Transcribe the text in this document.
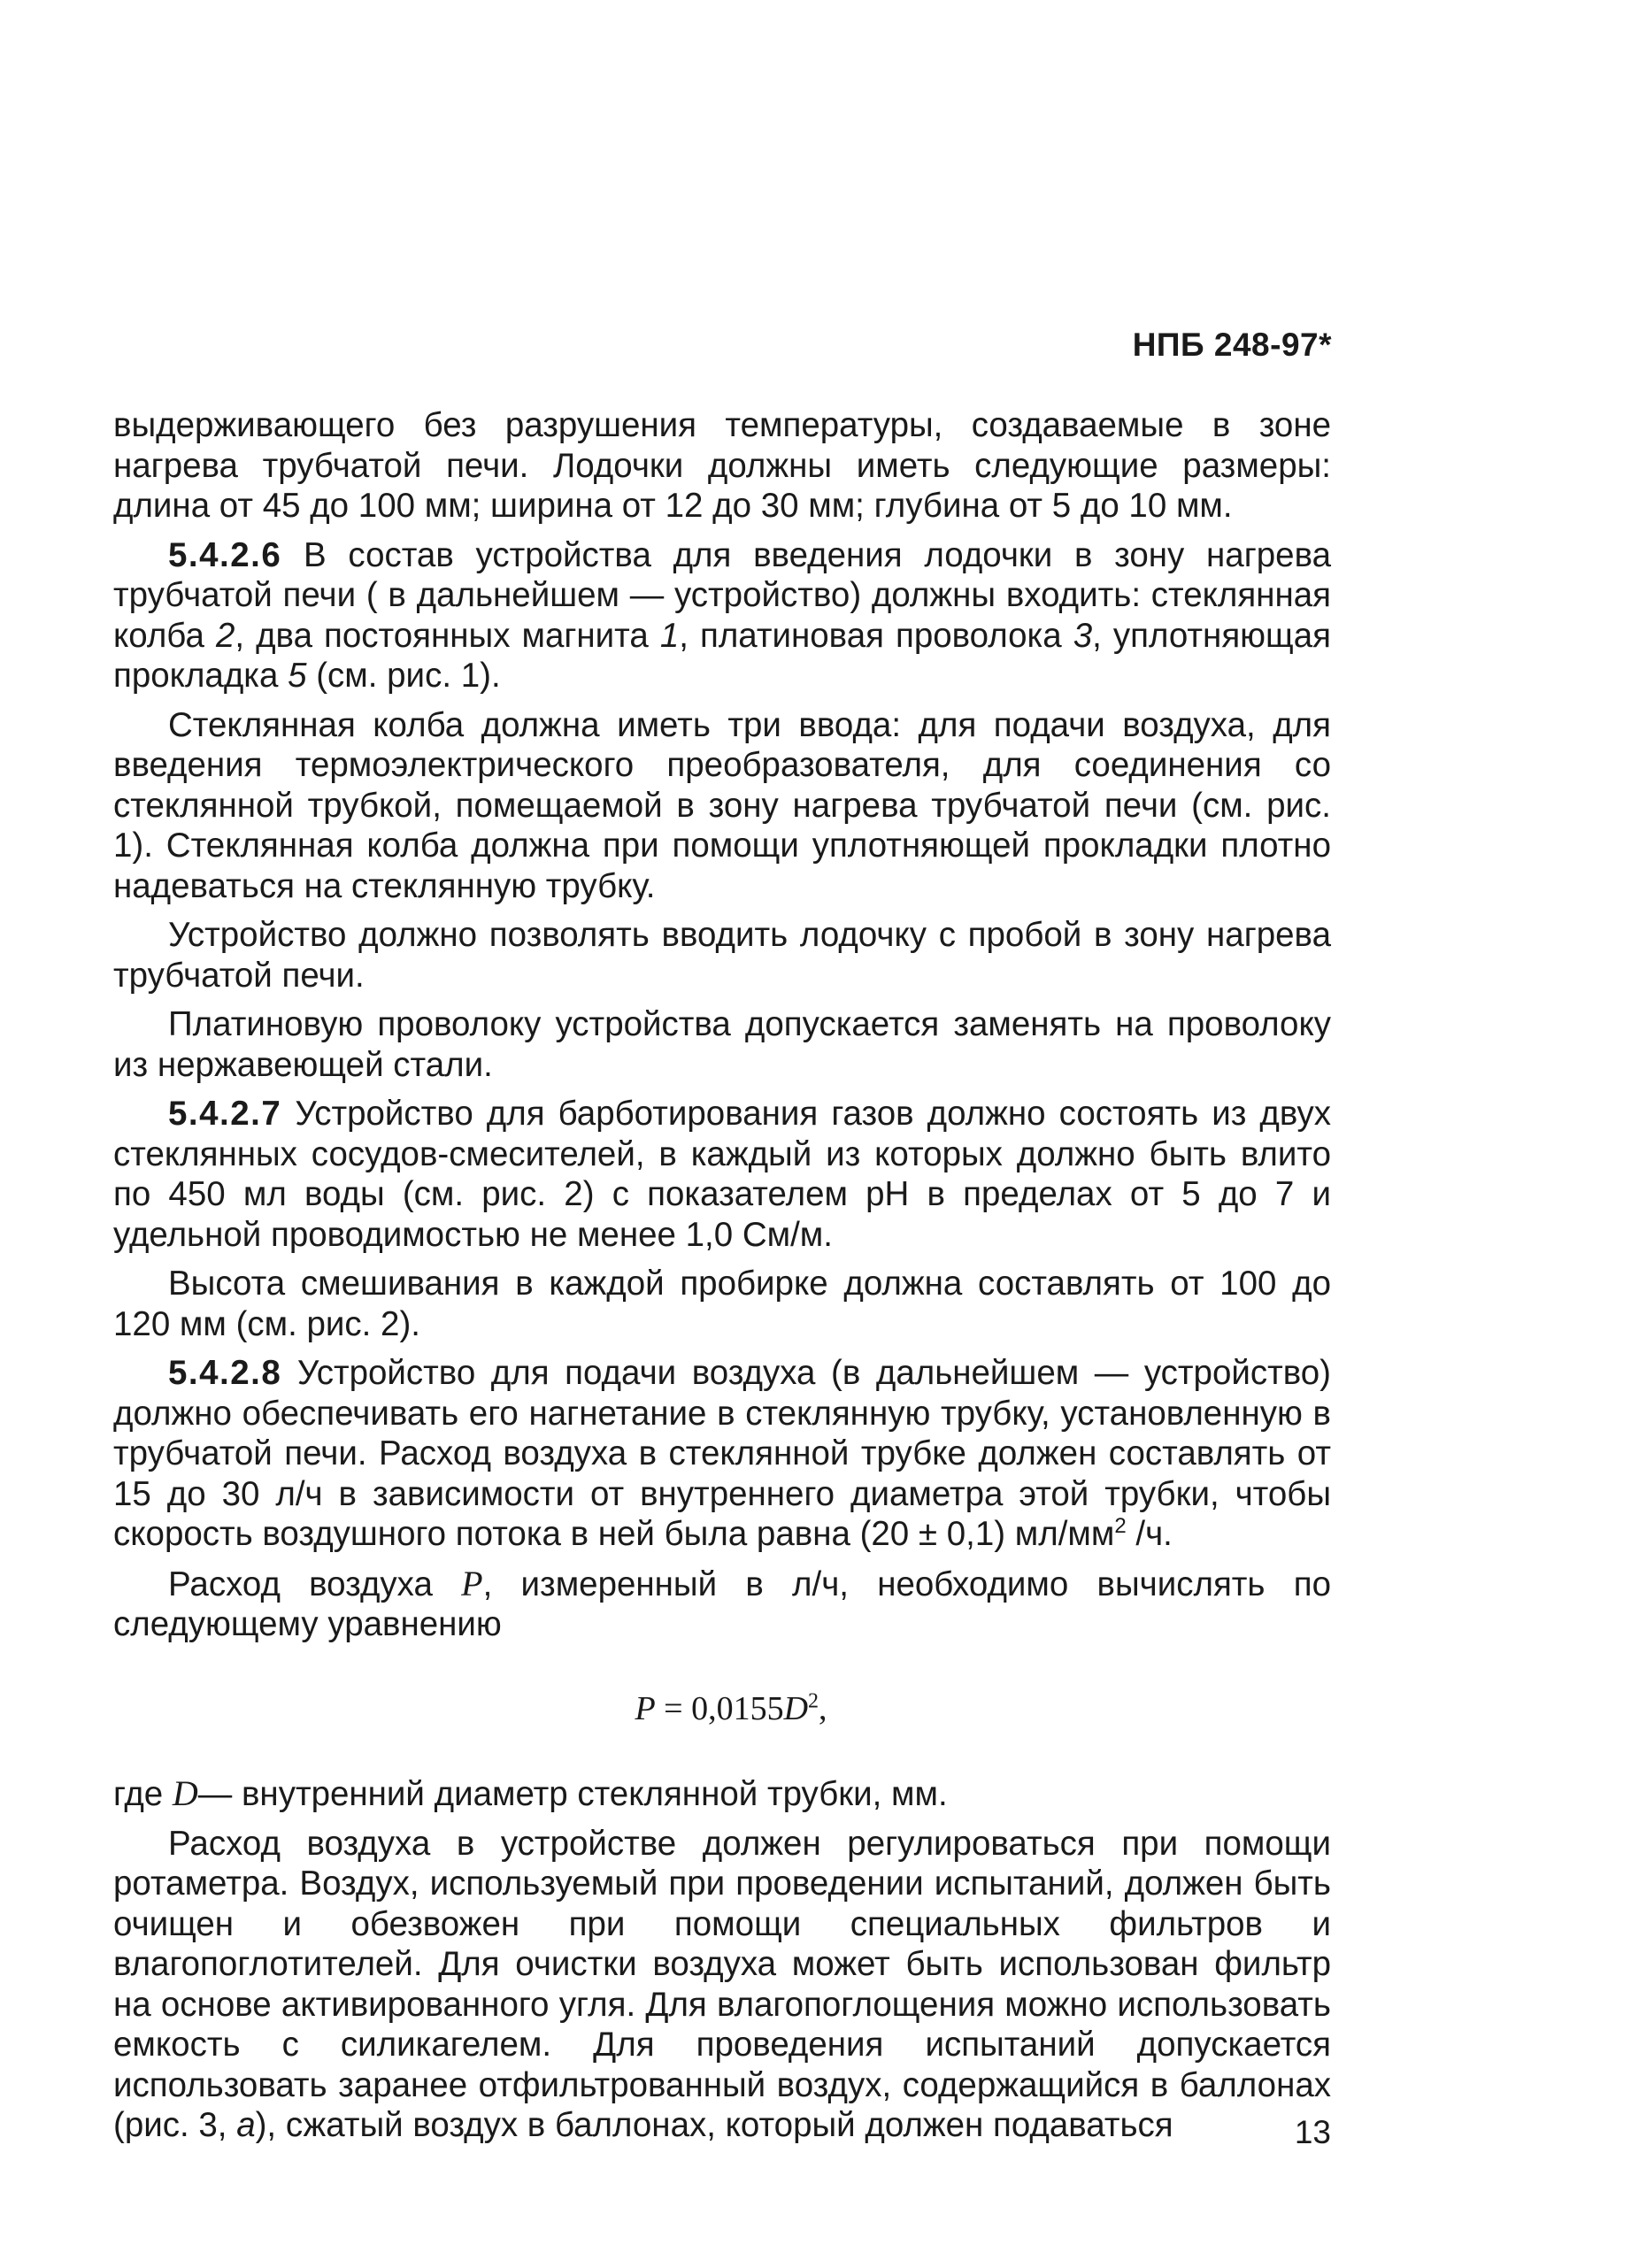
НПБ 248-97*

выдерживающего без разрушения температуры, создаваемые в зоне нагрева трубчатой печи. Лодочки должны иметь следующие размеры: длина от 45 до 100 мм; ширина от 12 до 30 мм; глубина от 5 до 10 мм.

5.4.2.6 В состав устройства для введения лодочки в зону нагрева трубчатой печи ( в дальнейшем — устройство) должны входить: стеклянная колба 2, два постоянных магнита 1, платиновая проволока 3, уплотняющая прокладка 5 (см. рис. 1).

Стеклянная колба должна иметь три ввода: для подачи воздуха, для введения термоэлектрического преобразователя, для соединения со стеклянной трубкой, помещаемой в зону нагрева трубчатой печи (см. рис. 1). Стеклянная колба должна при помощи уплотняющей прокладки плотно надеваться на стеклянную трубку.

Устройство должно позволять вводить лодочку с пробой в зону нагрева трубчатой печи.

Платиновую проволоку устройства допускается заменять на проволоку из нержавеющей стали.

5.4.2.7 Устройство для барботирования газов должно состоять из двух стеклянных сосудов-смесителей, в каждый из которых должно быть влито по 450 мл воды (см. рис. 2) с показателем рН в пределах от 5 до 7 и удельной проводимостью не менее 1,0 См/м.

Высота смешивания в каждой пробирке должна составлять от 100 до 120 мм (см. рис. 2).

5.4.2.8 Устройство для подачи воздуха (в дальнейшем — устройство) должно обеспечивать его нагнетание в стеклянную трубку, установленную в трубчатой печи. Расход воздуха в стеклянной трубке должен составлять от 15 до 30 л/ч в зависимости от внутреннего диаметра этой трубки, чтобы скорость воздушного потока в ней была равна (20 ± 0,1) $мл/мм^2$ /ч.

Расход воздуха Р, измеренный в л/ч, необходимо вычислять по следующему уравнению

$P = 0,0155D^2$,

где D— внутренний диаметр стеклянной трубки, мм.

Расход воздуха в устройстве должен регулироваться при помощи ротаметра. Воздух, используемый при проведении испытаний, должен быть очищен и обезвожен при помощи специальных фильтров и влагопоглотителей. Для очистки воздуха может быть использован фильтр на основе активированного угля. Для влагопоглощения можно использовать емкость с силикагелем. Для проведения испытаний допускается использовать заранее отфильтрованный воздух, содержащийся в баллонах (рис. 3, а), сжатый воздух в баллонах, который должен подаваться	13
